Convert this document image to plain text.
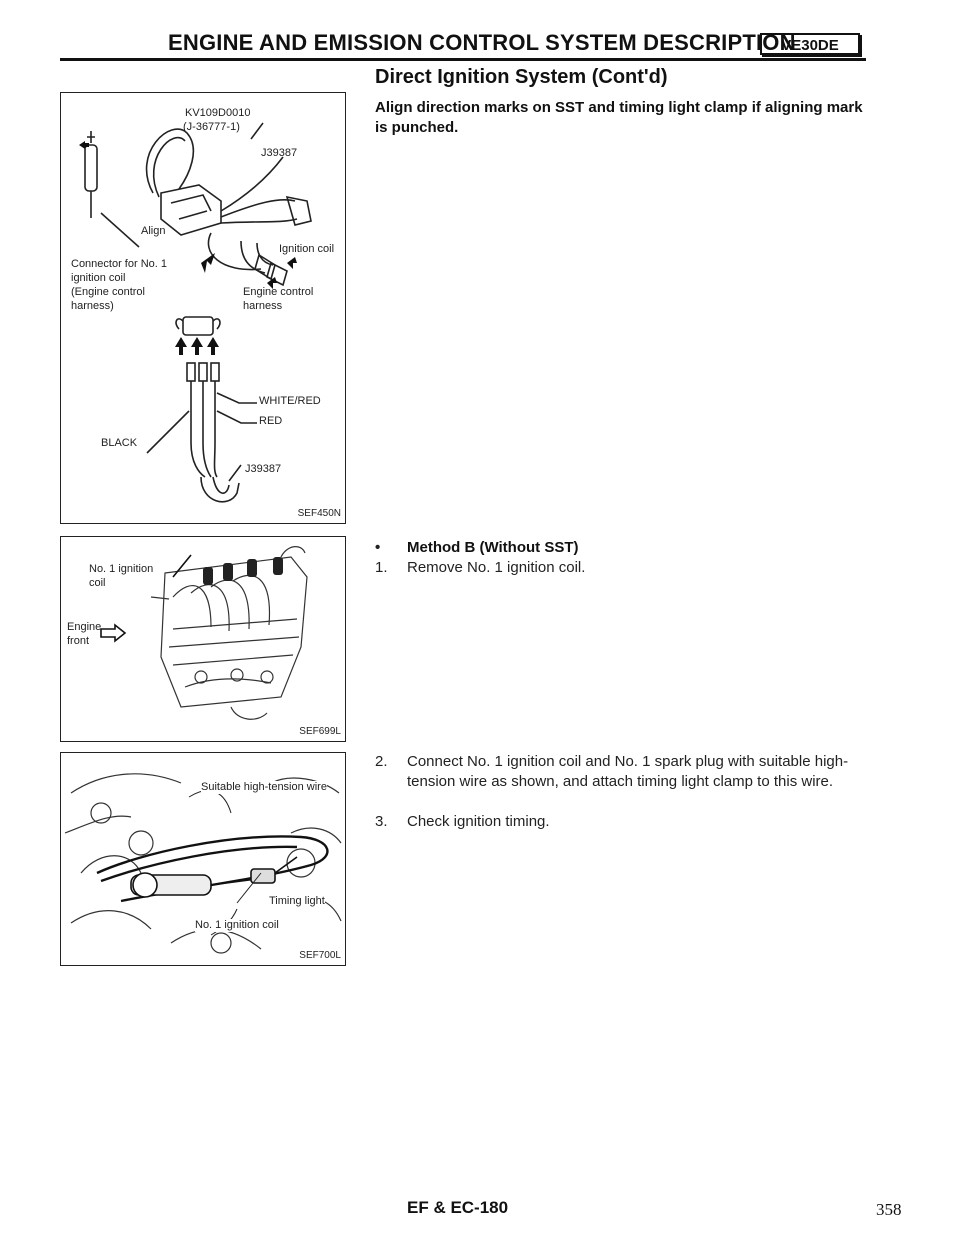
ENGINE AND EMISSION CONTROL SYSTEM DESCRIPTION
VE30DE
Direct Ignition System (Cont'd)
Align direction marks on SST and timing light clamp if aligning mark is punched.
KV109D0010
(J-36777-1)
J39387
Align
Ignition coil
Connector for No. 1
ignition coil
(Engine control
harness)
Engine control
harness
WHITE/RED
RED
BLACK
J39387
SEF450N
No. 1 ignition
coil
Engine
front
SEF699L
Suitable high-tension wire
Timing light
No. 1 ignition coil
SEF700L
• Method B (Without SST)
1. Remove No. 1 ignition coil.
2. Connect No. 1 ignition coil and No. 1 spark plug with suitable high-tension wire as shown, and attach timing light clamp to this wire.
3. Check ignition timing.
EF & EC-180	358
